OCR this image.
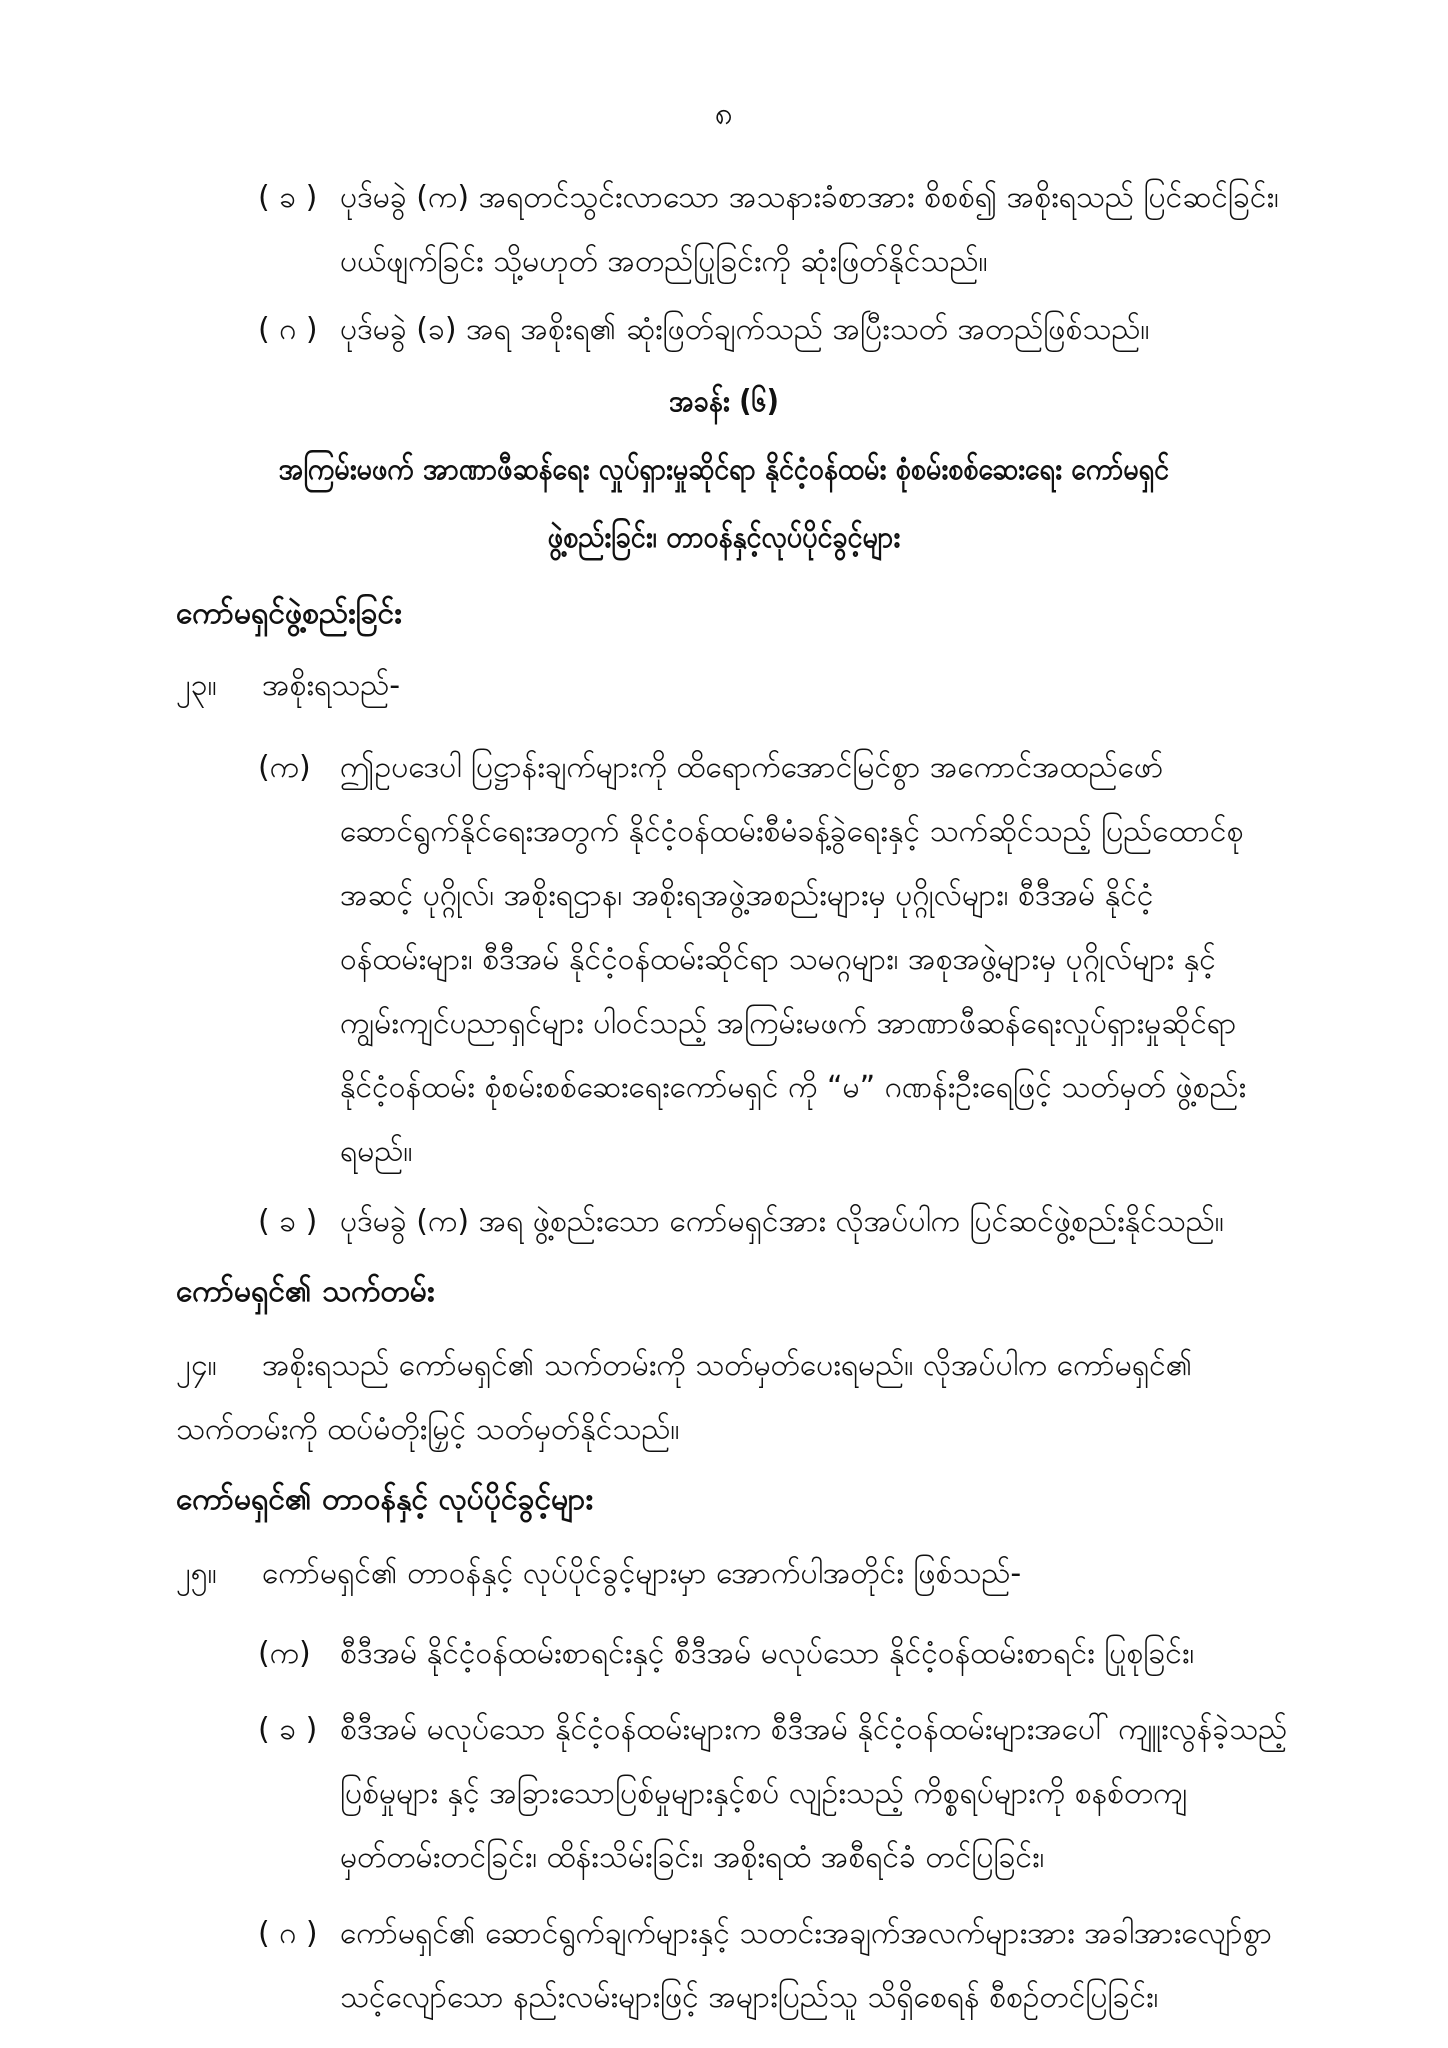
၈
( ခ ) ပုဒ်မခွဲ (က) အရတင်သွင်းလာသော အသနားခံစာအား စိစစ်၍ အစိုးရသည် ပြင်ဆင်ခြင်း၊
ပယ်ဖျက်ခြင်း သို့မဟုတ် အတည်ပြုခြင်းကို ဆုံးဖြတ်နိုင်သည်။
( ဂ ) ပုဒ်မခွဲ (ခ) အရ အစိုးရ၏ ဆုံးဖြတ်ချက်သည် အပြီးသတ် အတည်ဖြစ်သည်။
အခန်း (၆)
အကြမ်းမဖက် အာဏာဖီဆန်ရေး လှုပ်ရှားမှုဆိုင်ရာ နိုင်ငံ့ဝန်ထမ်း စုံစမ်းစစ်ဆေးရေး ကော်မရှင်
ဖွဲ့စည်းခြင်း၊ တာဝန်နှင့်လုပ်ပိုင်ခွင့်များ
ကော်မရှင်ဖွဲ့စည်းခြင်း
၂၃။ အစိုးရသည်-
(က) ဤဥပဒေပါ ပြဋ္ဌာန်းချက်များကို ထိရောက်အောင်မြင်စွာ အကောင်အထည်ဖော်
ဆောင်ရွက်နိုင်ရေးအတွက် နိုင်ငံ့ဝန်ထမ်းစီမံခန့်ခွဲရေးနှင့် သက်ဆိုင်သည့် ပြည်ထောင်စု
အဆင့် ပုဂ္ဂိုလ်၊ အစိုးရဌာန၊ အစိုးရအဖွဲ့အစည်းများမှ ပုဂ္ဂိုလ်များ၊ စီဒီအမ် နိုင်ငံ့
ဝန်ထမ်းများ၊ စီဒီအမ် နိုင်ငံ့ဝန်ထမ်းဆိုင်ရာ သမဂ္ဂများ၊ အစုအဖွဲ့များမှ ပုဂ္ဂိုလ်များ နှင့်
ကျွမ်းကျင်ပညာရှင်များ ပါဝင်သည့် အကြမ်းမဖက် အာဏာဖီဆန်ရေးလှုပ်ရှားမှုဆိုင်ရာ
နိုင်ငံ့ဝန်ထမ်း စုံစမ်းစစ်ဆေးရေးကော်မရှင် ကို “မ” ဂဏန်းဦးရေဖြင့် သတ်မှတ် ဖွဲ့စည်း
ရမည်။
( ခ ) ပုဒ်မခွဲ (က) အရ ဖွဲ့စည်းသော ကော်မရှင်အား လိုအပ်ပါက ပြင်ဆင်ဖွဲ့စည်းနိုင်သည်။
ကော်မရှင်၏ သက်တမ်း
၂၄။ အစိုးရသည် ကော်မရှင်၏ သက်တမ်းကို သတ်မှတ်ပေးရမည်။ လိုအပ်ပါက ကော်မရှင်၏
သက်တမ်းကို ထပ်မံတိုးမြှင့် သတ်မှတ်နိုင်သည်။
ကော်မရှင်၏ တာဝန်နှင့် လုပ်ပိုင်ခွင့်များ
၂၅။ ကော်မရှင်၏ တာဝန်နှင့် လုပ်ပိုင်ခွင့်များမှာ အောက်ပါအတိုင်း ဖြစ်သည်-
(က) စီဒီအမ် နိုင်ငံ့ဝန်ထမ်းစာရင်းနှင့် စီဒီအမ် မလုပ်သော နိုင်ငံ့ဝန်ထမ်းစာရင်း ပြုစုခြင်း၊
( ခ ) စီဒီအမ် မလုပ်သော နိုင်ငံ့ဝန်ထမ်းများက စီဒီအမ် နိုင်ငံ့ဝန်ထမ်းများအပေါ် ကျူးလွန်ခဲ့သည့်
ပြစ်မှုများ နှင့် အခြားသောပြစ်မှုများနှင့်စပ် လျဉ်းသည့် ကိစ္စရပ်များကို စနစ်တကျ
မှတ်တမ်းတင်ခြင်း၊ ထိန်းသိမ်းခြင်း၊ အစိုးရထံ အစီရင်ခံ တင်ပြခြင်း၊
( ဂ ) ကော်မရှင်၏ ဆောင်ရွက်ချက်များနှင့် သတင်းအချက်အလက်များအား အခါအားလျော်စွာ
သင့်လျော်သော နည်းလမ်းများဖြင့် အများပြည်သူ သိရှိစေရန် စီစဉ်တင်ပြခြင်း၊
